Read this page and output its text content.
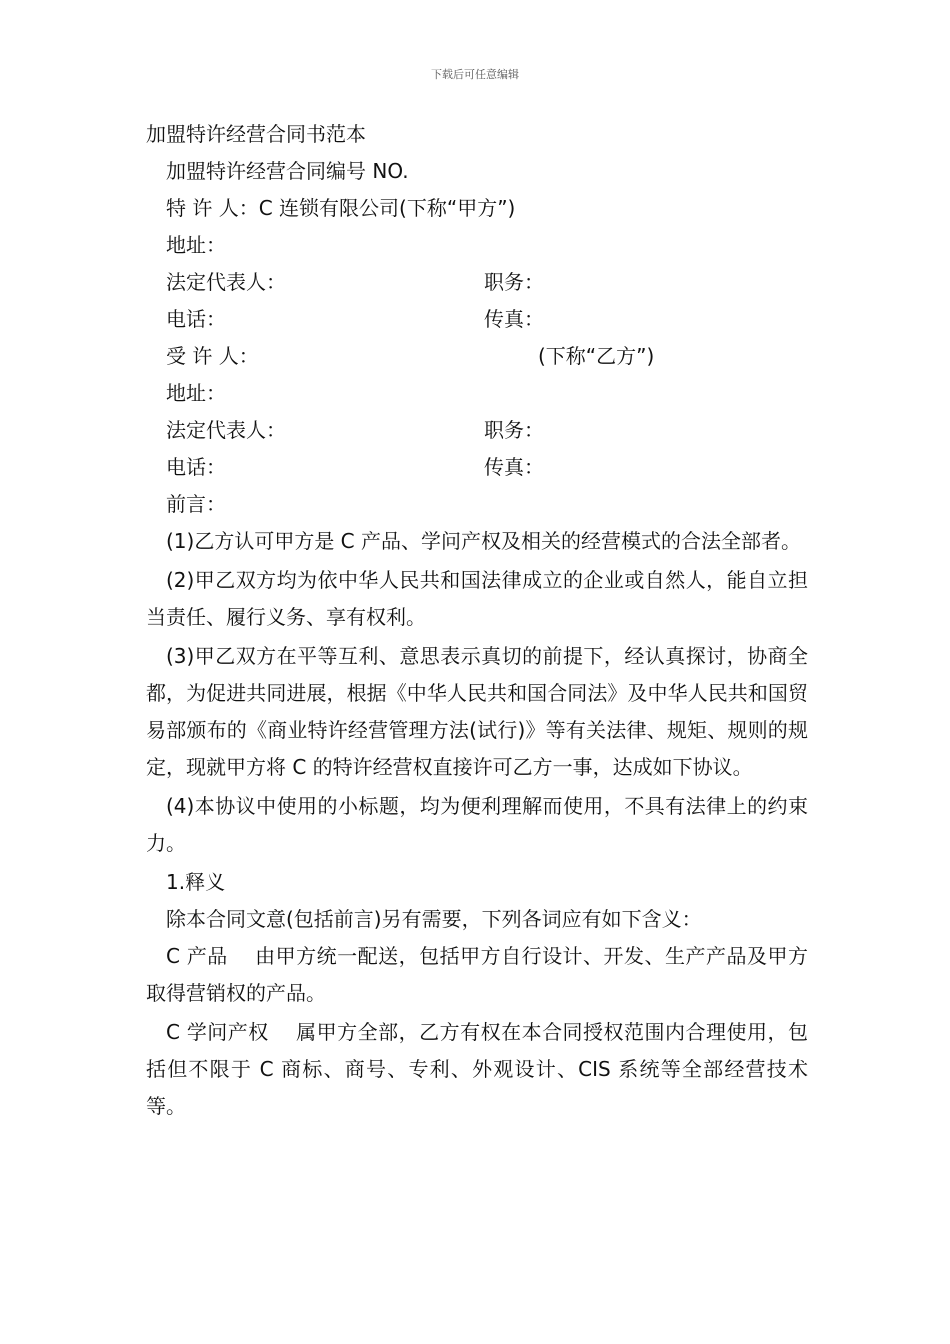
下载后可任意编辑
加盟特许经营合同书范本
加盟特许经营合同编号 NO.
特 许 人：C 连锁有限公司(下称“甲方”)
地址：
法定代表人：	职务：
电话：	传真：
受 许 人：	(下称“乙方”)
地址：
法定代表人：	职务：
电话：	传真：
前言：
(1)乙方认可甲方是 C 产品、学问产权及相关的经营模式的合法全部者。
(2)甲乙双方均为依中华人民共和国法律成立的企业或自然人，能自立担当责任、履行义务、享有权利。
(3)甲乙双方在平等互利、意思表示真切的前提下，经认真探讨，协商全都，为促进共同进展，根据《中华人民共和国合同法》及中华人民共和国贸易部颁布的《商业特许经营管理方法(试行)》等有关法律、规矩、规则的规定，现就甲方将 C 的特许经营权直接许可乙方一事，达成如下协议。
(4)本协议中使用的小标题，均为便利理解而使用，不具有法律上的约束力。
1.释义
除本合同文意(包括前言)另有需要，下列各词应有如下含义：
C 产品　 由甲方统一配送，包括甲方自行设计、开发、生产产品及甲方取得营销权的产品。
C 学问产权　 属甲方全部，乙方有权在本合同授权范围内合理使用，包括但不限于 C 商标、商号、专利、外观设计、CIS 系统等全部经营技术等。
